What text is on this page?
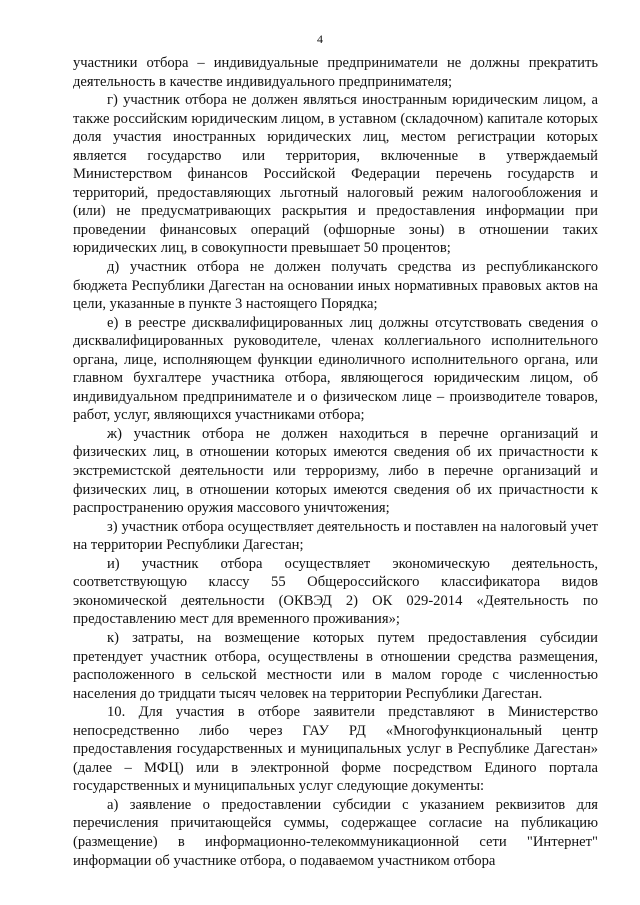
4

участники отбора – индивидуальные предприниматели не должны прекратить деятельность в качестве индивидуального предпринимателя;

г) участник отбора не должен являться иностранным юридическим лицом, а также российским юридическим лицом, в уставном (складочном) капитале которых доля участия иностранных юридических лиц, местом регистрации которых является государство или территория, включенные в утверждаемый Министерством финансов Российской Федерации перечень государств и территорий, предоставляющих льготный налоговый режим налогообложения и (или) не предусматривающих раскрытия и предоставления информации при проведении финансовых операций (офшорные зоны) в отношении таких юридических лиц, в совокупности превышает 50 процентов;

д) участник отбора не должен получать средства из республиканского бюджета Республики Дагестан на основании иных нормативных правовых актов на цели, указанные в пункте 3 настоящего Порядка;

е) в реестре дисквалифицированных лиц должны отсутствовать сведения о дисквалифицированных руководителе, членах коллегиального исполнительного органа, лице, исполняющем функции единоличного исполнительного органа, или главном бухгалтере участника отбора, являющегося юридическим лицом, об индивидуальном предпринимателе и о физическом лице – производителе товаров, работ, услуг, являющихся участниками отбора;

ж) участник отбора не должен находиться в перечне организаций и физических лиц, в отношении которых имеются сведения об их причастности к экстремистской деятельности или терроризму, либо в перечне организаций и физических лиц, в отношении которых имеются сведения об их причастности к распространению оружия массового уничтожения;

з) участник отбора осуществляет деятельность и поставлен на налоговый учет на территории Республики Дагестан;

и) участник отбора осуществляет экономическую деятельность, соответствующую классу 55 Общероссийского классификатора видов экономической деятельности (ОКВЭД 2) ОК 029-2014 «Деятельность по предоставлению мест для временного проживания»;

к) затраты, на возмещение которых путем предоставления субсидии претендует участник отбора, осуществлены в отношении средства размещения, расположенного в сельской местности или в малом городе с численностью населения до тридцати тысяч человек на территории Республики Дагестан.

10. Для участия в отборе заявители представляют в Министерство непосредственно либо через ГАУ РД «Многофункциональный центр предоставления государственных и муниципальных услуг в Республике Дагестан» (далее – МФЦ) или в электронной форме посредством Единого портала государственных и муниципальных услуг следующие документы:

а) заявление о предоставлении субсидии с указанием реквизитов для перечисления причитающейся суммы, содержащее согласие на публикацию (размещение) в информационно-телекоммуникационной сети "Интернет" информации об участнике отбора, о подаваемом участником отбора
